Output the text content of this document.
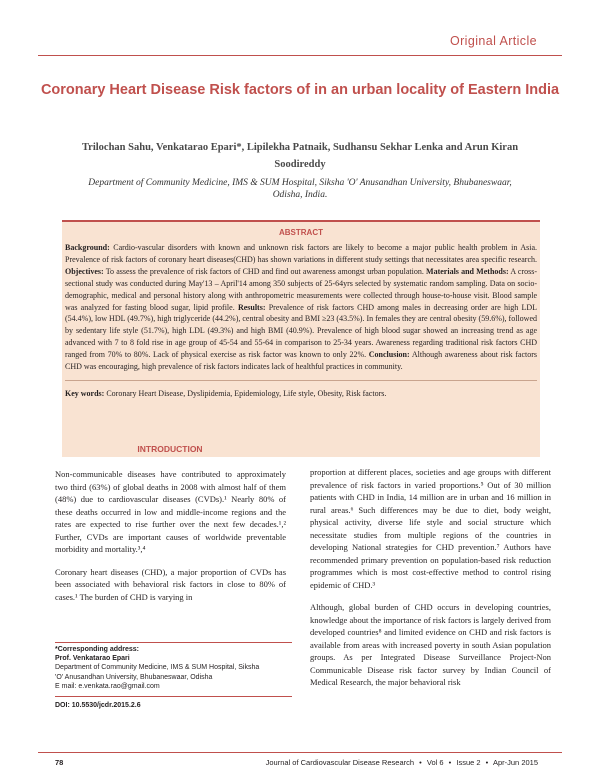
Original Article
Coronary Heart Disease Risk factors of in an urban locality of Eastern India
Trilochan Sahu, Venkatarao Epari*, Lipilekha Patnaik, Sudhansu Sekhar Lenka and Arun Kiran Soodireddy
Department of Community Medicine, IMS & SUM Hospital, Siksha 'O' Anusandhan University, Bhubaneswaar, Odisha, India.
ABSTRACT
Background: Cardio-vascular disorders with known and unknown risk factors are likely to become a major public health problem in Asia. Prevalence of risk factors of coronary heart diseases(CHD) has shown variations in different study settings that necessitates area specific research. Objectives: To assess the prevalence of risk factors of CHD and find out awareness amongst urban population. Materials and Methods: A cross-sectional study was conducted during May'13 – April'14 among 350 subjects of 25-64yrs selected by systematic random sampling. Data on socio-demographic, medical and personal history along with anthropometric measurements were collected through house-to-house visit. Blood sample was analyzed for fasting blood sugar, lipid profile. Results: Prevalence of risk factors CHD among males in decreasing order are high LDL (54.4%), low HDL (49.7%), high triglyceride (44.2%), central obesity and BMI ≥23 (43.5%). In females they are central obesity (59.6%), followed by sedentary life style (51.7%), high LDL (49.3%) and high BMI (40.9%). Prevalence of high blood sugar showed an increasing trend as age advanced with 7 to 8 fold rise in age group of 45-54 and 55-64 in comparison to 25-34 years. Awareness regarding traditional risk factors CHD ranged from 70% to 80%. Lack of physical exercise as risk factor was known to only 22%. Conclusion: Although awareness about risk factors CHD was encouraging, high prevalence of risk factors indicates lack of healthful practices in community.
Key words: Coronary Heart Disease, Dyslipidemia, Epidemiology, Life style, Obesity, Risk factors.
INTRODUCTION

Non-communicable diseases have contributed to approximately two third (63%) of global deaths in 2008 with almost half of them (48%) due to cardiovascular diseases (CVDs).¹ Nearly 80% of these deaths occurred in low and middle-income regions and the rates are expected to rise further over the next few decades.¹,² Further, CVDs are important causes of worldwide preventable morbidity and mortality.³,⁴

Coronary heart diseases (CHD), a major proportion of CVDs has been associated with behavioral risk factors in close to 80% of cases.¹ The burden of CHD is varying in

proportion at different places, societies and age groups with different prevalence of risk factors in varied proportions.⁵ Out of 30 million patients with CHD in India, 14 million are in urban and 16 million in rural areas.⁶ Such differences may be due to diet, body weight, physical activity, diverse life style and social structure which necessitate studies from multiple regions of the countries in developing National strategies for CHD prevention.⁷ Authors have recommended primary prevention on population-based risk reduction programmes which is most cost-effective method to control rising epidemic of CHD.³

Although, global burden of CHD occurs in developing countries, knowledge about the importance of risk factors is largely derived from developed countries⁸ and limited evidence on CHD and risk factors is available from areas with increased poverty in south Asian population groups. As per Integrated Disease Surveillance Project-Non Communicable Disease risk factor survey by Indian Council of Medical Research, the major behavioral risk

*Corresponding address:
Prof. Venkatarao Epari
Department of Community Medicine, IMS & SUM Hospital, Siksha
'O' Anusandhan University, Bhubaneswaar, Odisha
E mail: e.venkata.rao@gmail.com
DOI: 10.5530/jcdr.2015.2.6
78	Journal of Cardiovascular Disease Research • Vol 6 • Issue 2 • Apr-Jun 2015
